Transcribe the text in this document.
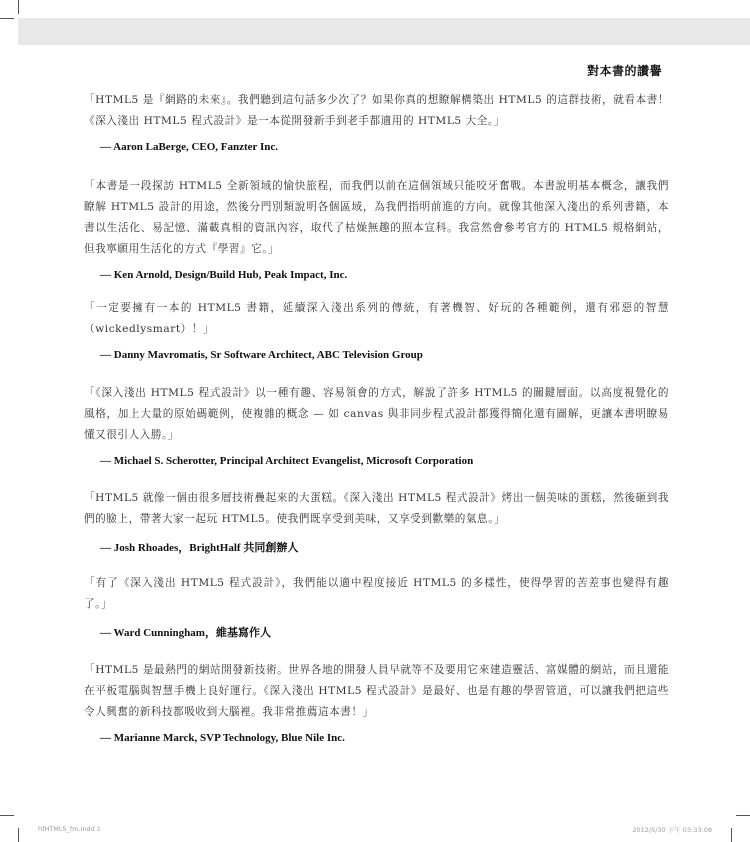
對本書的讚譽

「HTML5 是『網路的未來』。我們聽到這句話多少次了？如果你真的想瞭解構築出 HTML5 的這群技術，就看本書！《深入淺出 HTML5 程式設計》是一本從開發新手到老手都適用的 HTML5 大全。」

— Aaron LaBerge, CEO, Fanzter Inc.

「本書是一段探訪 HTML5 全新領域的愉快旅程，而我們以前在這個領域只能咬牙奮戰。本書說明基本概念，讓我們瞭解 HTML5 設計的用途，然後分門別類說明各個區域，為我們指明前進的方向。就像其他深入淺出的系列書籍，本書以生活化、易記憶、滿載真相的資訊內容，取代了枯燥無趣的照本宣科。我當然會參考官方的 HTML5 規格網站，但我寧願用生活化的方式『學習』它。」

— Ken Arnold, Design/Build Hub, Peak Impact, Inc.

「一定要擁有一本的 HTML5 書籍，延續深入淺出系列的傳統，有著機智、好玩的各種範例，還有邪惡的智慧（wickedlysmart）！」

— Danny Mavromatis, Sr Software Architect, ABC Television Group

「《深入淺出 HTML5 程式設計》以一種有趣、容易領會的方式，解說了許多 HTML5 的關鍵層面。以高度視覺化的風格，加上大量的原始碼範例，使複雜的概念 — 如 canvas 與非同步程式設計都獲得簡化還有圖解，更讓本書明瞭易懂又很引人入勝。」

— Michael S. Scherotter, Principal Architect Evangelist, Microsoft Corporation

「HTML5 就像一個由很多層技術疊起來的大蛋糕。《深入淺出 HTML5 程式設計》烤出一個美味的蛋糕，然後砸到我們的臉上，帶著大家一起玩 HTML5。使我們既享受到美味，又享受到歡樂的氣息。」

— Josh Rhoades，BrightHalf 共同創辦人

「有了《深入淺出 HTML5 程式設計》，我們能以適中程度接近 HTML5 的多樣性，使得學習的苦差事也變得有趣了。」

— Ward Cunningham，維基寫作人

「HTML5 是最熱門的網站開發新技術。世界各地的開發人員早就等不及要用它來建造靈活、富媒體的網站，而且還能在平板電腦與智慧手機上良好運行。《深入淺出 HTML5 程式設計》是最好、也是有趣的學習管道，可以讓我們把這些令人興奮的新科技都吸收到大腦裡。我非常推薦這本書！」

— Marianne Marck, SVP Technology, Blue Nile Inc.
hfHTML5_fm.indd 1	2012/5/30 下午 03:33:08
